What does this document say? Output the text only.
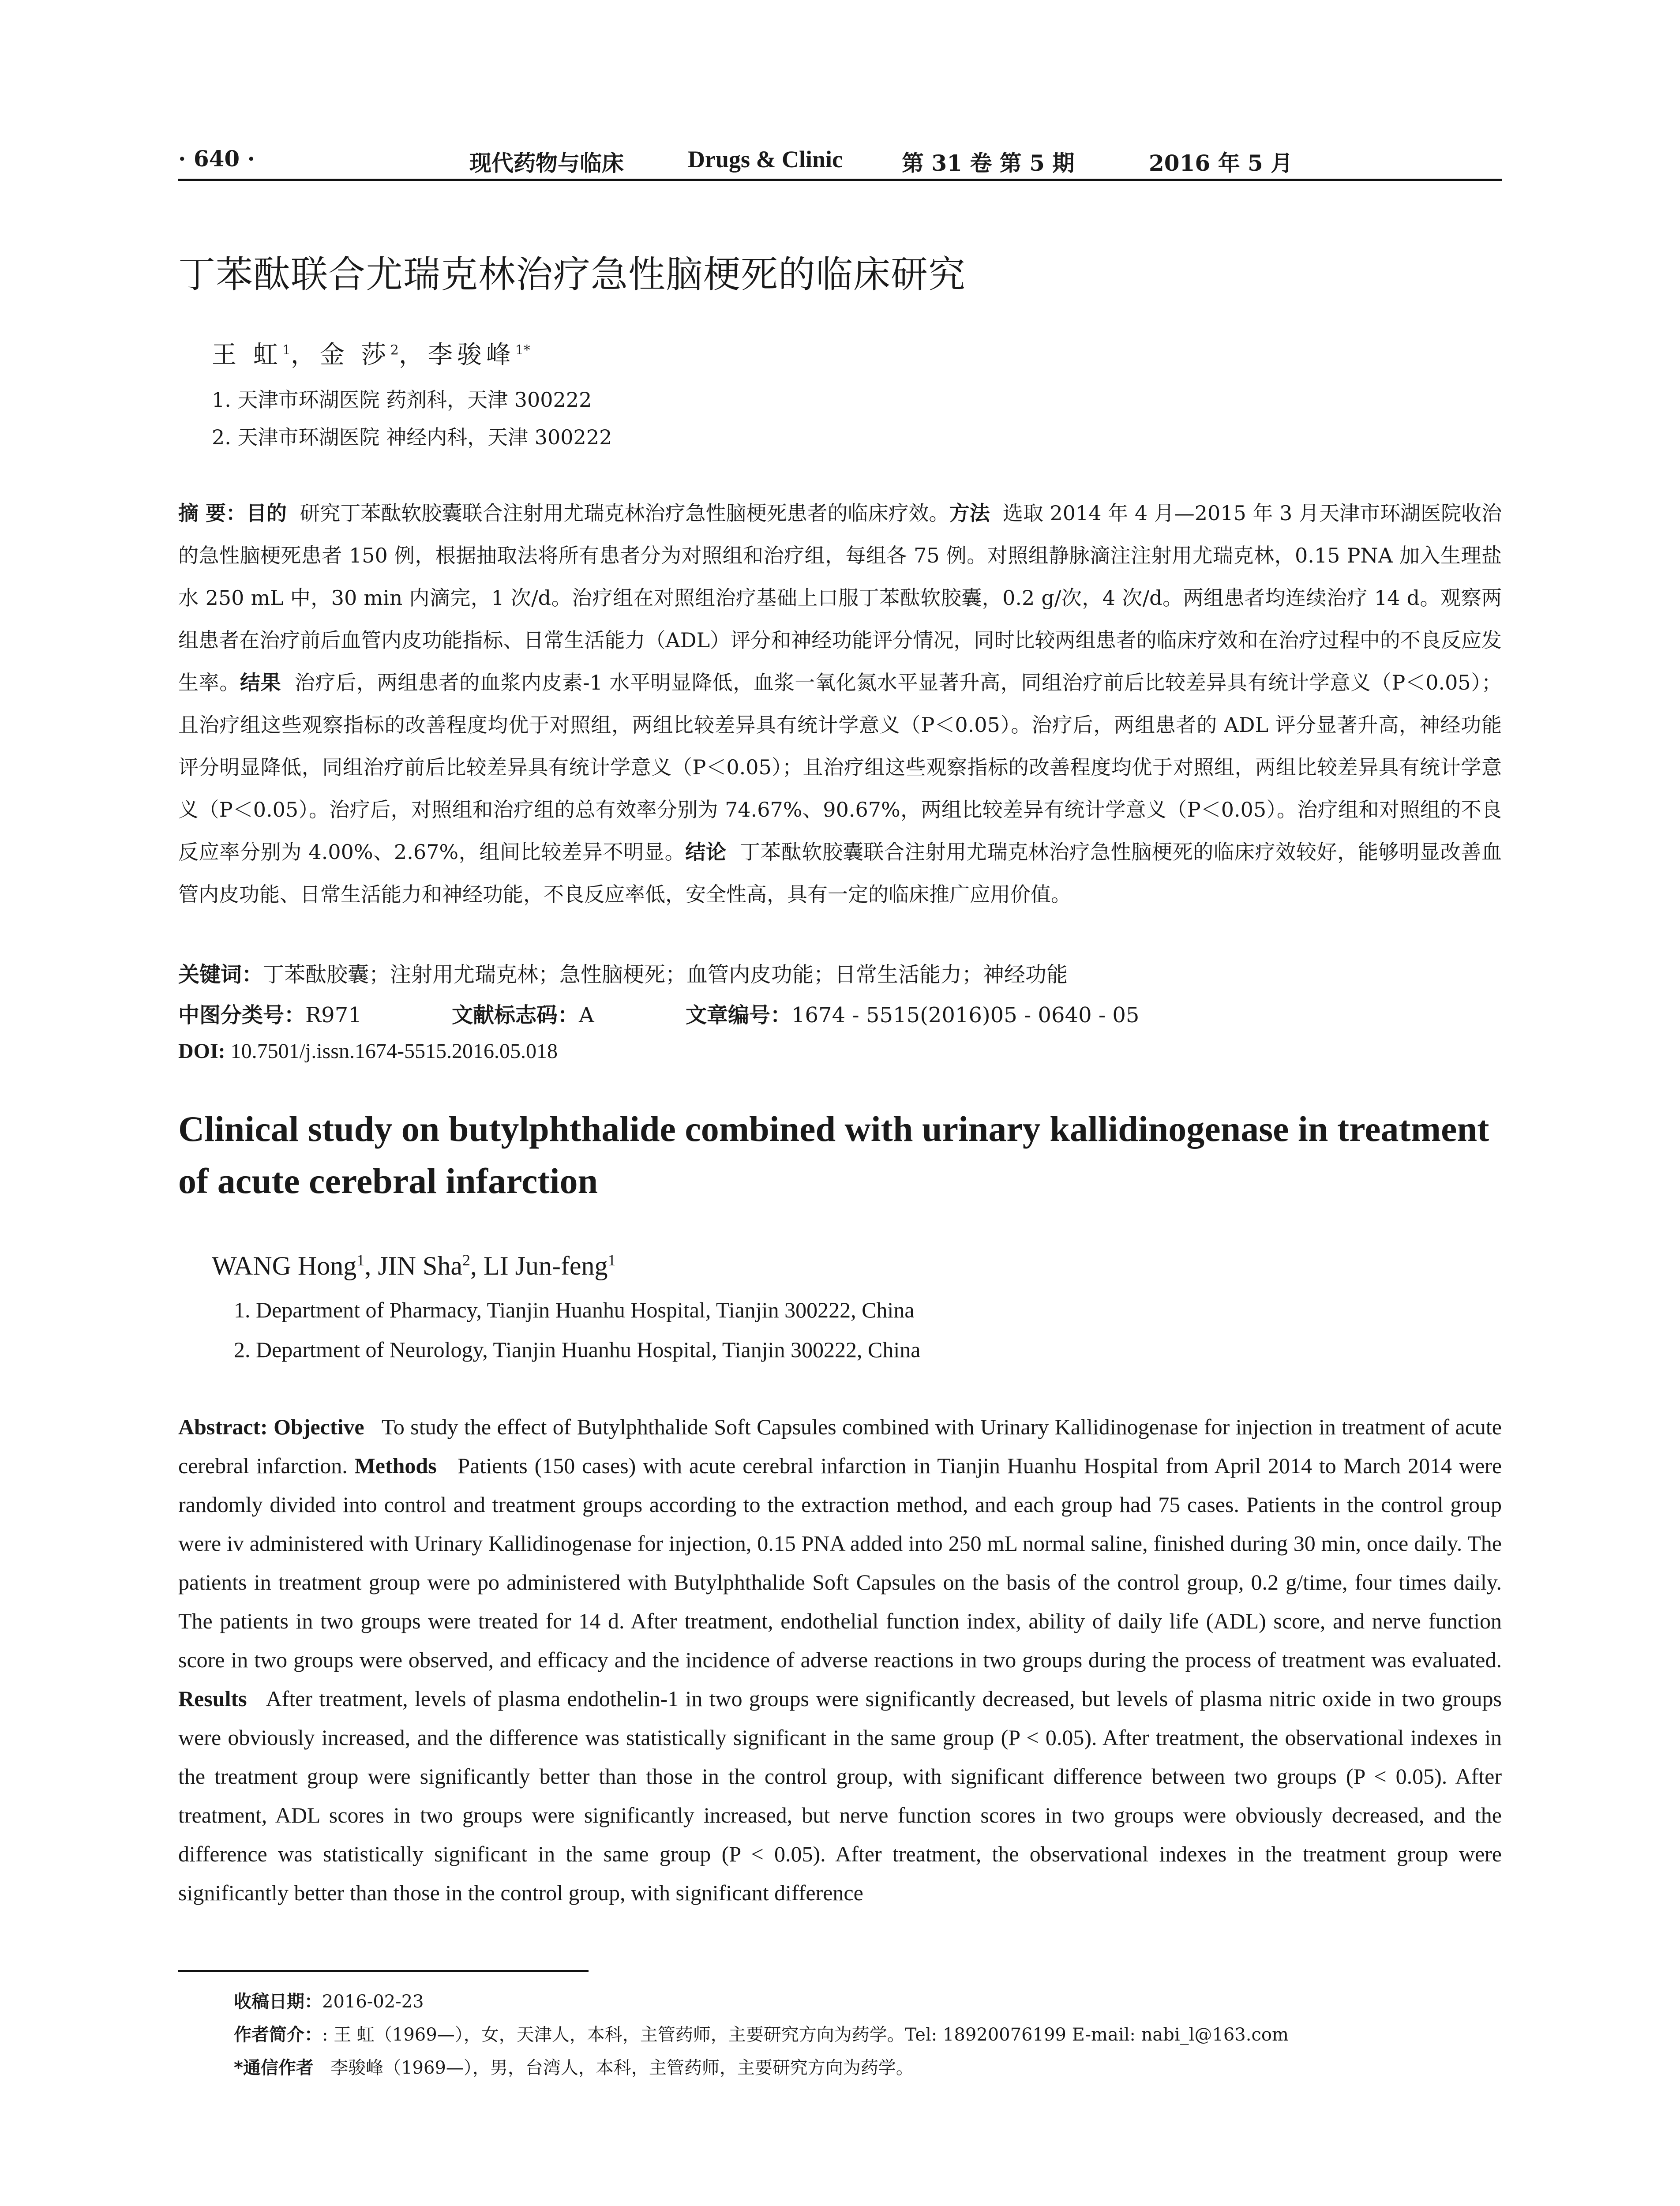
· 640 ·	现代药物与临床	Drugs & Clinic	第 31 卷 第 5 期	2016 年 5 月
丁苯酞联合尤瑞克林治疗急性脑梗死的临床研究
王 虹$^1$，金 莎$^2$，李骏峰$^{1*}$
1. 天津市环湖医院 药剂科，天津 300222
2. 天津市环湖医院 神经内科，天津 300222
摘 要：目的 研究丁苯酞软胶囊联合注射用尤瑞克林治疗急性脑梗死患者的临床疗效。方法 选取 2014 年 4 月—2015 年 3 月天津市环湖医院收治的急性脑梗死患者 150 例，根据抽取法将所有患者分为对照组和治疗组，每组各 75 例。对照组静脉滴注注射用尤瑞克林，0.15 PNA 加入生理盐水 250 mL 中，30 min 内滴完，1 次/d。治疗组在对照组治疗基础上口服丁苯酞软胶囊，0.2 g/次，4 次/d。两组患者均连续治疗 14 d。观察两组患者在治疗前后血管内皮功能指标、日常生活能力（ADL）评分和神经功能评分情况，同时比较两组患者的临床疗效和在治疗过程中的不良反应发生率。结果 治疗后，两组患者的血浆内皮素-1 水平明显降低，血浆一氧化氮水平显著升高，同组治疗前后比较差异具有统计学意义（P＜0.05）；且治疗组这些观察指标的改善程度均优于对照组，两组比较差异具有统计学意义（P＜0.05）。治疗后，两组患者的 ADL 评分显著升高，神经功能评分明显降低，同组治疗前后比较差异具有统计学意义（P＜0.05）；且治疗组这些观察指标的改善程度均优于对照组，两组比较差异具有统计学意义（P＜0.05）。治疗后，对照组和治疗组的总有效率分别为 74.67%、90.67%，两组比较差异有统计学意义（P＜0.05）。治疗组和对照组的不良反应率分别为 4.00%、2.67%，组间比较差异不明显。结论 丁苯酞软胶囊联合注射用尤瑞克林治疗急性脑梗死的临床疗效较好，能够明显改善血管内皮功能、日常生活能力和神经功能，不良反应率低，安全性高，具有一定的临床推广应用价值。
关键词：丁苯酞胶囊；注射用尤瑞克林；急性脑梗死；血管内皮功能；日常生活能力；神经功能
中图分类号：R971	文献标志码：A	文章编号：1674 - 5515(2016)05 - 0640 - 05
DOI: 10.7501/j.issn.1674-5515.2016.05.018
Clinical study on butylphthalide combined with urinary kallidinogenase in treatment of acute cerebral infarction
WANG Hong$^1$, JIN Sha$^2$, LI Jun-feng$^1$
1. Department of Pharmacy, Tianjin Huanhu Hospital, Tianjin 300222, China
2. Department of Neurology, Tianjin Huanhu Hospital, Tianjin 300222, China
Abstract: Objective To study the effect of Butylphthalide Soft Capsules combined with Urinary Kallidinogenase for injection in treatment of acute cerebral infarction. Methods Patients (150 cases) with acute cerebral infarction in Tianjin Huanhu Hospital from April 2014 to March 2014 were randomly divided into control and treatment groups according to the extraction method, and each group had 75 cases. Patients in the control group were iv administered with Urinary Kallidinogenase for injection, 0.15 PNA added into 250 mL normal saline, finished during 30 min, once daily. The patients in treatment group were po administered with Butylphthalide Soft Capsules on the basis of the control group, 0.2 g/time, four times daily. The patients in two groups were treated for 14 d. After treatment, endothelial function index, ability of daily life (ADL) score, and nerve function score in two groups were observed, and efficacy and the incidence of adverse reactions in two groups during the process of treatment was evaluated. Results After treatment, levels of plasma endothelin-1 in two groups were significantly decreased, but levels of plasma nitric oxide in two groups were obviously increased, and the difference was statistically significant in the same group (P < 0.05). After treatment, the observational indexes in the treatment group were significantly better than those in the control group, with significant difference between two groups (P < 0.05). After treatment, ADL scores in two groups were significantly increased, but nerve function scores in two groups were obviously decreased, and the difference was statistically significant in the same group (P < 0.05). After treatment, the observational indexes in the treatment group were significantly better than those in the control group, with significant difference
收稿日期：2016-02-23
作者简介：: 王 虹（1969—），女，天津人，本科，主管药师，主要研究方向为药学。Tel: 18920076199 E-mail: nabi_l@163.com
*通信作者 李骏峰（1969—），男，台湾人，本科，主管药师，主要研究方向为药学。
